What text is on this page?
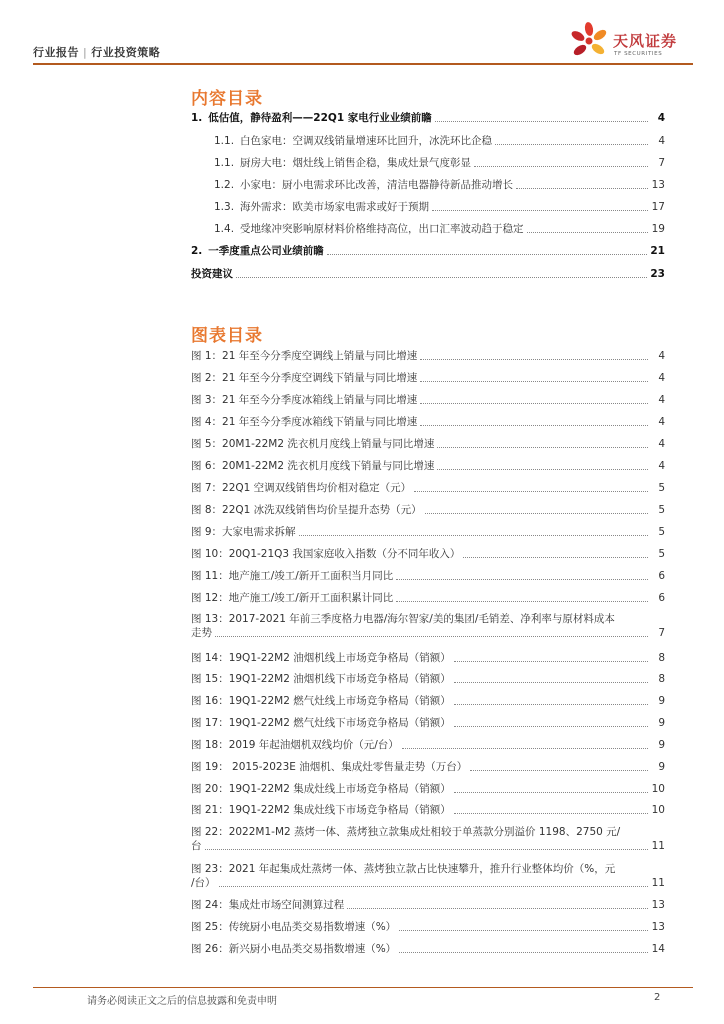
行业报告 | 行业投资策略
天风证券
TF SECURITIES
内容目录
1. 低估值，静待盈利——22Q1 家电行业业绩前瞻	4
1.1. 白色家电：空调双线销量增速环比回升，冰洗环比企稳	4
1.1. 厨房大电：烟灶线上销售企稳，集成灶景气度彰显	7
1.2. 小家电：厨小电需求环比改善，清洁电器静待新品推动增长	13
1.3. 海外需求：欧美市场家电需求或好于预期	17
1.4. 受地缘冲突影响原材料价格维持高位，出口汇率波动趋于稳定	19
2. 一季度重点公司业绩前瞻	21
投资建议	23
图表目录
图 1：21 年至今分季度空调线上销量与同比增速	4
图 2：21 年至今分季度空调线下销量与同比增速	4
图 3：21 年至今分季度冰箱线上销量与同比增速	4
图 4：21 年至今分季度冰箱线下销量与同比增速	4
图 5：20M1-22M2 洗衣机月度线上销量与同比增速	4
图 6：20M1-22M2 洗衣机月度线下销量与同比增速	4
图 7：22Q1 空调双线销售均价相对稳定（元）	5
图 8：22Q1 冰洗双线销售均价呈提升态势（元）	5
图 9：大家电需求拆解	5
图 10：20Q1-21Q3 我国家庭收入指数（分不同年收入）	5
图 11：地产施工/竣工/新开工面积当月同比	6
图 12：地产施工/竣工/新开工面积累计同比	6
图 13：2017-2021 年前三季度格力电器/海尔智家/美的集团/毛销差、净利率与原材料成本
走势	7
图 14：19Q1-22M2 油烟机线上市场竞争格局（销额）	8
图 15：19Q1-22M2 油烟机线下市场竞争格局（销额）	8
图 16：19Q1-22M2 燃气灶线上市场竞争格局（销额）	9
图 17：19Q1-22M2 燃气灶线下市场竞争格局（销额）	9
图 18：2019 年起油烟机双线均价（元/台）	9
图 19： 2015-2023E 油烟机、集成灶零售量走势（万台）	9
图 20：19Q1-22M2 集成灶线上市场竞争格局（销额）	10
图 21：19Q1-22M2 集成灶线下市场竞争格局（销额）	10
图 22：2022M1-M2 蒸烤一体、蒸烤独立款集成灶相较于单蒸款分别溢价 1198、2750 元/
台	11
图 23：2021 年起集成灶蒸烤一体、蒸烤独立款占比快速攀升，推升行业整体均价（%，元
/台）	11
图 24：集成灶市场空间测算过程	13
图 25：传统厨小电品类交易指数增速（%）	13
图 26：新兴厨小电品类交易指数增速（%）	14
请务必阅读正文之后的信息披露和免责申明	2
